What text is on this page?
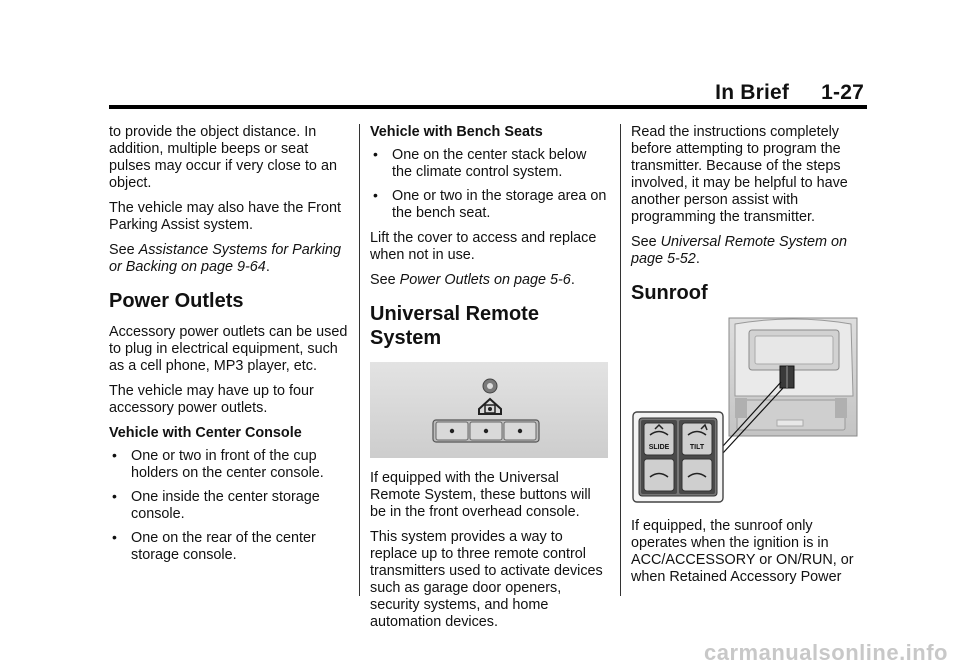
In Brief 1-27

to provide the object distance. In addition, multiple beeps or seat pulses may occur if very close to an object.

The vehicle may also have the Front Parking Assist system.

See Assistance Systems for Parking or Backing on page 9-64.

Power Outlets

Accessory power outlets can be used to plug in electrical equipment, such as a cell phone, MP3 player, etc.

The vehicle may have up to four accessory power outlets.

Vehicle with Center Console

• One or two in front of the cup holders on the center console.
• One inside the center storage console.
• One on the rear of the center storage console.

Vehicle with Bench Seats

• One on the center stack below the climate control system.
• One or two in the storage area on the bench seat.

Lift the cover to access and replace when not in use.

See Power Outlets on page 5-6.

Universal Remote System

If equipped with the Universal Remote System, these buttons will be in the front overhead console.

This system provides a way to replace up to three remote control transmitters used to activate devices such as garage door openers, security systems, and home automation devices.

Read the instructions completely before attempting to program the transmitter. Because of the steps involved, it may be helpful to have another person assist with programming the transmitter.

See Universal Remote System on page 5-52.

Sunroof
SLIDE	TILT

If equipped, the sunroof only operates when the ignition is in ACC/ACCESSORY or ON/RUN, or when Retained Accessory Power

carmanualsonline.info
